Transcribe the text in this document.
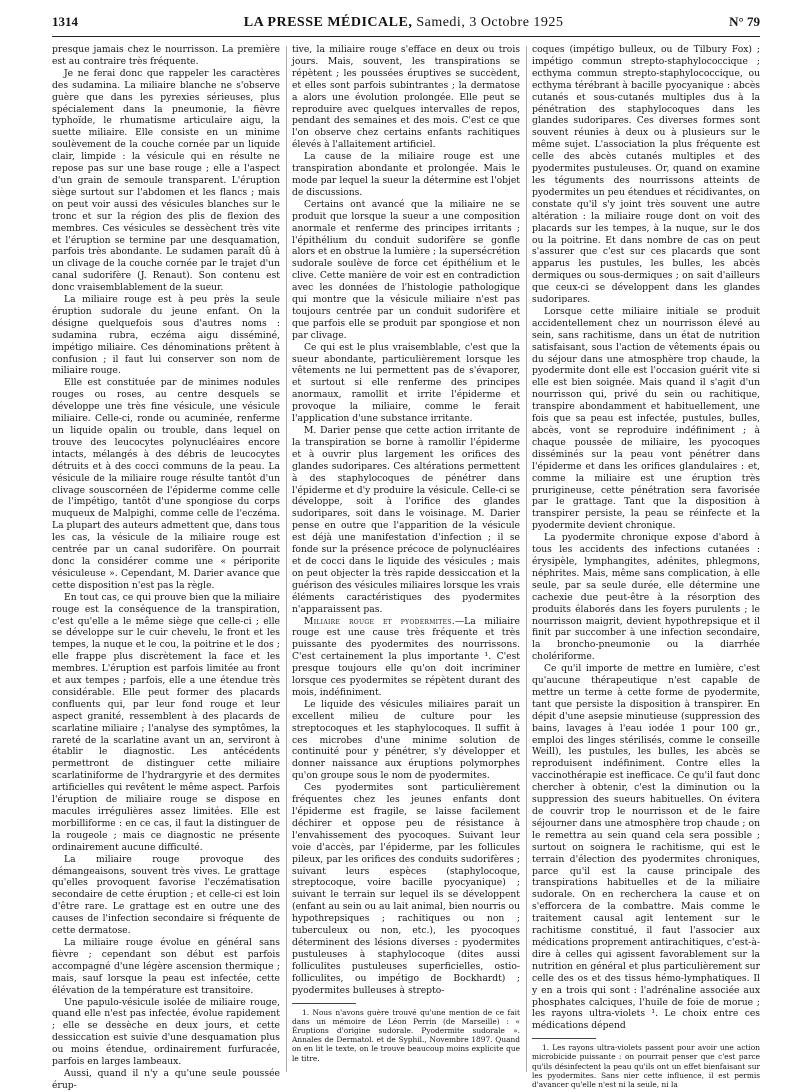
1314	LA PRESSE MÉDICALE, Samedi, 3 Octobre 1925	N° 79

presque jamais chez le nourrisson. La première est au contraire très fréquente.

Je ne ferai donc que rappeler les caractères des sudamina. La miliaire blanche ne s'observe guère que dans les pyrexies sérieuses, plus spécialement dans la pneumonie, la fièvre typhoïde, le rhumatisme articulaire aigu, la suette miliaire. Elle consiste en un minime soulèvement de la couche cornée par un liquide clair, limpide : la vésicule qui en résulte ne repose pas sur une base rouge ; elle a l'aspect d'un grain de semoule transparent. L'éruption siège surtout sur l'abdomen et les flancs ; mais on peut voir aussi des vésicules blanches sur le tronc et sur la région des plis de flexion des membres. Ces vésicules se dessèchent très vite et l'éruption se termine par une desquamation, parfois très abondante. Le sudamen paraît dû à un clivage de la couche cornée par le trajet d'un canal sudorifère (J. Renaut). Son contenu est donc vraisemblablement de la sueur.

La miliaire rouge est à peu près la seule éruption sudorale du jeune enfant. On la désigne quelquefois sous d'autres noms : sudamina rubra, eczéma aigu disséminé, impétigo miliaire. Ces dénominations prêtent à confusion ; il faut lui conserver son nom de miliaire rouge.

Elle est constituée par de minimes nodules rouges ou roses, au centre desquels se développe une très fine vésicule, une vésicule miliaire. Celle-ci, ronde ou acuminée, renferme un liquide opalin ou trouble, dans lequel on trouve des leucocytes polynucléaires encore intacts, mélangés à des débris de leucocytes détruits et à des cocci communs de la peau. La vésicule de la miliaire rouge résulte tantôt d'un clivage souscornéen de l'épiderme comme celle de l'impétigo, tantôt d'une spongiose du corps muqueux de Malpighi, comme celle de l'eczéma. La plupart des auteurs admettent que, dans tous les cas, la vésicule de la miliaire rouge est centrée par un canal sudorifère. On pourrait donc la considérer comme une « périporite vésiculeuse ». Cependant, M. Darier avance que cette disposition n'est pas la règle.

En tout cas, ce qui prouve bien que la miliaire rouge est la conséquence de la transpiration, c'est qu'elle a le même siège que celle-ci ; elle se développe sur le cuir chevelu, le front et les tempes, la nuque et le cou, la poitrine et le dos ; elle frappe plus discrètement la face et les membres. L'éruption est parfois limitée au front et aux tempes ; parfois, elle a une étendue très considérable. Elle peut former des placards confluents qui, par leur fond rouge et leur aspect granité, ressemblent à des placards de scarlatine miliaire ; l'analyse des symptômes, la rareté de la scarlatine avant un an, serviront à établir le diagnostic. Les antécédents permettront de distinguer cette miliaire scarlatiniforme de l'hydrargyrie et des dermites artificielles qui revêtent le même aspect. Parfois l'éruption de miliaire rouge se dispose en macules irrégulières assez limitées. Elle est morbilliforme : en ce cas, il faut la distinguer de la rougeole ; mais ce diagnostic ne présente ordinairement aucune difficulté.

La miliaire rouge provoque des démangeaisons, souvent très vives. Le grattage qu'elles provoquent favorise l'eczématisation secondaire de cette éruption ; et celle-ci est loin d'être rare. Le grattage est en outre une des causes de l'infection secondaire si fréquente de cette dermatose.

La miliaire rouge évolue en général sans fièvre ; cependant son début est parfois accompagné d'une légère ascension thermique ; mais, sauf lorsque la peau est infectée, cette élévation de la température est transitoire.

Une papulo-vésicule isolée de miliaire rouge, quand elle n'est pas infectée, évolue rapidement ; elle se dessèche en deux jours, et cette dessiccation est suivie d'une desquamation plus ou moins étendue, ordinairement furfuracée, parfois en larges lambeaux.

Aussi, quand il n'y a qu'une seule poussée érup-

tive, la miliaire rouge s'efface en deux ou trois jours. Mais, souvent, les transpirations se répètent ; les poussées éruptives se succèdent, et elles sont parfois subintrantes ; la dermatose a alors une évolution prolongée. Elle peut se reproduire avec quelques intervalles de repos, pendant des semaines et des mois. C'est ce que l'on observe chez certains enfants rachitiques élevés à l'allaitement artificiel.

La cause de la miliaire rouge est une transpiration abondante et prolongée. Mais le mode par lequel la sueur la détermine est l'objet de discussions.

Certains ont avancé que la miliaire ne se produit que lorsque la sueur a une composition anormale et renferme des principes irritants ; l'épithélium du conduit sudorifère se gonfle alors et en obstrue la lumière ; la supersécrétion sudorale soulève de force cet épithélium et le clive. Cette manière de voir est en contradiction avec les données de l'histologie pathologique qui montre que la vésicule miliaire n'est pas toujours centrée par un conduit sudorifère et que parfois elle se produit par spongiose et non par clivage.

Ce qui est le plus vraisemblable, c'est que la sueur abondante, particulièrement lorsque les vêtements ne lui permettent pas de s'évaporer, et surtout si elle renferme des principes anormaux, ramollit et irrite l'épiderme et provoque la miliaire, comme le ferait l'application d'une substance irritante.

M. Darier pense que cette action irritante de la transpiration se borne à ramollir l'épiderme et à ouvrir plus largement les orifices des glandes sudoripares. Ces altérations permettent à des staphylocoques de pénétrer dans l'épiderme et d'y produire la vésicule. Celle-ci se développe, soit à l'orifice des glandes sudoripares, soit dans le voisinage. M. Darier pense en outre que l'apparition de la vésicule est déjà une manifestation d'infection ; il se fonde sur la présence précoce de polynucléaires et de cocci dans le liquide des vésicules ; mais on peut objecter la très rapide dessiccation et la guérison des vésicules miliaires lorsque les vrais éléments caractéristiques des pyodermites n'apparaissent pas.

Miliaire rouge et pyodermites.—La miliaire rouge est une cause très fréquente et très puissante des pyodermites des nourrissons. C'est certainement la plus importante ¹. C'est presque toujours elle qu'on doit incriminer lorsque ces pyodermites se répètent durant des mois, indéfiniment.

Le liquide des vésicules miliaires parait un excellent milieu de culture pour les streptocoques et les staphylocoques. Il suffit à ces microbes d'une minime solution de continuité pour y pénétrer, s'y développer et donner naissance aux éruptions polymorphes qu'on groupe sous le nom de pyodermites.

Ces pyodermites sont particulièrement fréquentes chez les jeunes enfants dont l'épiderme est fragile, se laisse facilement déchirer et oppose peu de résistance à l'envahissement des pyocoques. Suivant leur voie d'accès, par l'épiderme, par les follicules pileux, par les orifices des conduits sudorifères ; suivant leurs espèces (staphylocoque, streptocoque, voire bacille pyocyanique) ; suivant le terrain sur lequel ils se développent (enfant au sein ou au lait animal, bien nourris ou hypothrepsiques ; rachitiques ou non ; tuberculeux ou non, etc.), les pyocoques déterminent des lésions diverses : pyodermites pustuleuses à staphylocoque (dites aussi folliculites pustuleuses superficielles, ostio-folliculites, ou impétigo de Bockhardt) ; pyodermites bulleuses à strepto-

1. Nous n'avons guère trouvé qu'une mention de ce fait dans un mémoire de Léon Perrin (de Marseille) : « Éruptions d'origine sudorale. Pyodermite sudorale ». Annales de Dermatol. et de Syphil., Novembre 1897. Quand on en lit le texte, on le trouve beaucoup moins explicite que le titre.

coques (impétigo bulleux, ou de Tilbury Fox) ; impétigo commun strepto-staphylococcique ; ecthyma commun strepto-staphylococcique, ou ecthyma térébrant à bacille pyocyanique : abcès cutanés et sous-cutanés multiples dus à la pénétration des staphylocoques dans les glandes sudoripares. Ces diverses formes sont souvent réunies à deux ou à plusieurs sur le même sujet. L'association la plus fréquente est celle des abcès cutanés multiples et des pyodermites pustuleuses. Or, quand on examine les téguments des nourrissons atteints de pyodermites un peu étendues et récidivantes, on constate qu'il s'y joint très souvent une autre altération : la miliaire rouge dont on voit des placards sur les tempes, à la nuque, sur le dos ou la poitrine. Et dans nombre de cas on peut s'assurer que c'est sur ces placards que sont apparus les pustules, les bulles, les abcès dermiques ou sous-dermiques ; on sait d'ailleurs que ceux-ci se développent dans les glandes sudoripares.

Lorsque cette miliaire initiale se produit accidentellement chez un nourrisson élevé au sein, sans rachitisme, dans un état de nutrition satisfaisant, sous l'action de vêtements épais ou du séjour dans une atmosphère trop chaude, la pyodermite dont elle est l'occasion guérit vite si elle est bien soignée. Mais quand il s'agit d'un nourrisson qui, privé du sein ou rachitique, transpire abondamment et habituellement, une fois que sa peau est infectée, pustules, bulles, abcès, vont se reproduire indéfiniment ; à chaque poussée de miliaire, les pyocoques disséminés sur la peau vont pénétrer dans l'épiderme et dans les orifices glandulaires : et, comme la miliaire est une éruption très prurigineuse, cette pénétration sera favorisée par le grattage. Tant que la disposition à transpirer persiste, la peau se réinfecte et la pyodermite devient chronique.

La pyodermite chronique expose d'abord à tous les accidents des infections cutanées : érysipèle, lymphangites, adénites, phlegmons, néphrites. Mais, même sans complication, à elle seule, par sa seule durée, elle détermine une cachexie due peut-être à la résorption des produits élaborés dans les foyers purulents ; le nourrisson maigrit, devient hypothrepsique et il finit par succomber à une infection secondaire, la broncho-pneumonie ou la diarrhée cholériforme.

Ce qu'il importe de mettre en lumière, c'est qu'aucune thérapeutique n'est capable de mettre un terme à cette forme de pyodermite, tant que persiste la disposition à transpirer. En dépit d'une asepsie minutieuse (suppression des bains, lavages à l'eau iodée 1 pour 100 gr., emploi des linges stérilisés, comme le conseille Weill), les pustules, les bulles, les abcès se reproduisent indéfiniment. Contre elles la vaccinothérapie est inefficace. Ce qu'il faut donc chercher à obtenir, c'est la diminution ou la suppression des sueurs habituelles. On évitera de couvrir trop le nourrisson et de le faire séjourner dans une atmosphère trop chaude ; on le remettra au sein quand cela sera possible ; surtout on soignera le rachitisme, qui est le terrain d'élection des pyodermites chroniques, parce qu'il est la cause principale des transpirations habituelles et de la miliaire sudorale. On en recherchera la cause et on s'efforcera de la combattre. Mais comme le traitement causal agit lentement sur le rachitisme constitué, il faut l'associer aux médications proprement antirachitiques, c'est-à-dire à celles qui agissent favorablement sur la nutrition en général et plus particulièrement sur celle des os et des tissus hémo-lymphatiques. Il y en a trois qui sont : l'adrénaline associée aux phosphates calciques, l'huile de foie de morue ; les rayons ultra-violets ¹. Le choix entre ces médications dépend

1. Les rayons ultra-violets passent pour avoir une action microbicide puissante : on pourrait penser que c'est parce qu'ils désinfectent la peau qu'ils ont un effet bienfaisant sur les pyodermites. Sans nier cette influence, il est permis d'avancer qu'elle n'est ni la seule, ni la
